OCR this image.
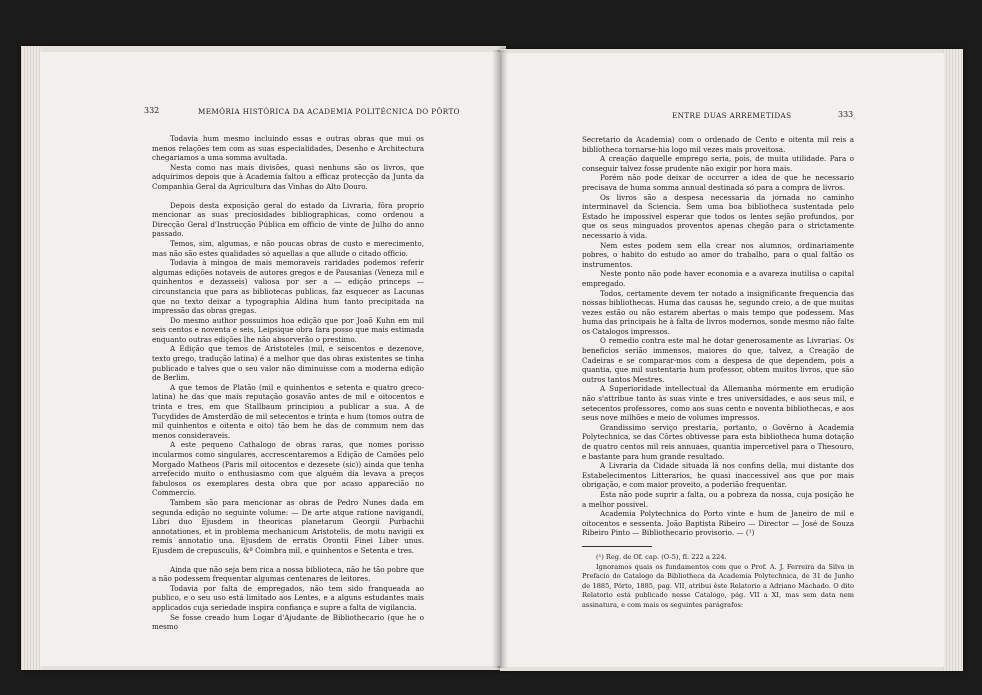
332	MEMÓRIA HISTÓRICA DA ACADEMIA POLITÉCNICA DO PÔRTO

Todavia hum mesmo incluindo essas e outras obras que mui os menos relações tem com as suas especialidades, Desenho e Architectura chegariamos a uma somma avultada.

Nesta como nas mais divisões, quasi nenhuns são os livros, que adquirimos depois que à Academia faltou a efficaz protecção da Junta da Companhia Geral da Agricultura das Vinhas do Alto Douro.

Depois desta exposição geral do estado da Livraria, fôra proprio mencionar as suas preciosidades bibliographicas, como ordenou a Direcção Geral d'Instrucção Pública em officio de vinte de Julho do anno passado.

Temos, sim, algumas, e não poucas obras de custo e merecimento, mas não são estes qualidades só aquellas a que allude o citado officio.

Todavia à mingoa de mais memoraveis raridades podemos referir algumas edições notaveis de autores gregos e de Pausanias (Veneza mil e quinhentos e dezasseis) valiosa por ser a — edição princeps — circunstancia que para as bibliotecas publicas, faz esquecer as Lacunas que no texto deixar a typographia Aldina hum tanto precipitada na impressão das obras gregas.

Do mesmo author possuimos hoa edição que por Joaõ Kuhn em mil seis centos e noventa e seis, Leipsique obra fara posso que mais estimada enquanto outras edições lhe não absorverão o prestimo.

A Edição que temos de Aristoteles (mil, e seiscentos e dezenove, texto grego, tradução latina) é a melhor que das obras existentes se tinha publicado e talves que o seu valor não diminuisse com a moderna edição de Berlim.

A que temos de Platão (mil e quinhentos e setenta e quatro greco-latina) he das que mais reputação gosavão antes de mil e oitocentos e trinta e tres, em que Stallbaum principiou a publicar a sua. A de Tucydides de Amsterdão de mil setecentos e trinta e hum (tomos outra de mil quinhentos e oitenta e oito) tão bem he das de commum nem das menos consideraveis.

A este pequeno Cathalogo de obras raras, que nomes porisso incularmos como singulares, accrescentaremos a Edição de Camões pelo Morgado Matheos (Paris mil oitocentos e dezesete (sic)) ainda que tenha arrefecido muito o enthusiasmo com que alguém dia levava a preços fabulosos os exemplares desta obra que por acaso apparecião no Commercio.

Tambem são para mencionar as obras de Pedro Nunes dada em segunda edição no seguinte volume: — De arte atque ratione navigandi, Libri duo Ejusdem in theoricas planetarum Georgii Purbachii annotationes, et in problema mechanicum Aristotelis, de motu navigii ex remis annotatio una. Ejusdem de erratis Orontii Finei Liber unus. Ejusdem de crepusculis, &ª Coimbra mil, e quinhentos e Setenta e tres.

Ainda que não seja bem rica a nossa biblioteca, não he tão pobre que a não podessem frequentar algumas centenares de leitores.

Todavia por falta de empregados, não tem sido franqueada ao publico, e o seu uso está limitado aos Lentes, e a alguns estudantes mais applicados cuja seriedade inspira confiança e supre a falta de vigilancia.

Se fosse creado hum Logar d'Ajudante de Bibliothecario (que he o mesmo

ENTRE DUAS ARREMETIDAS	333

Secretario da Academia) com o ordenado de Cento e oitenta mil reis a bibliotheca tornarse-hia logo mil vezes mais proveitosa.

A creação daquelle emprego seria, pois, de muita utilidade. Para o conseguir talvez fosse prudente não exigir por hora mais.

Porém não pode deixar de occurrer a idea de que he necessario precisava de huma somma annual destinada só para a compra de livros.

Os livros são a despesa necessaria da jornada no caminho interminavel da Sciencia. Sem uma boa bibliotheca sustentada pelo Estado he impossivel esperar que todos os lentes sejão profundos, por que os seus minguados proventos apenas chegão para o strictamente necessario à vida.

Nem estes podem sem ella crear nos alumnos, ordinariamente pobres, o habito do estudo ao amor do trabalho, para o qual faltão os instrumentos.

Neste ponto não pode haver economia e a avareza inutilisa o capital empregado.

Todos, certamente devem ter notado a insignificante frequencia das nossas bibliothecas. Huma das causas he, segundo creio, a de que muitas vezes estão ou não estarem abertas o mais tempo que podessem. Mas huma das principais he à falta de livros modernos, sonde mesmo não falte os Catalogos impressos.

O remedio contra este mal he dotar generosamente as Livrarias. Os beneficios serião immensos, maiores do que, talvez, a Creação de Cadeiras e se comparar-mos com a despesa de que dependem, pois a quantia, que mil sustentaria hum professor, obtem muitos livros, que são outros tantos Mestres.

A Superioridade intellectual da Allemanha mórmente em erudição não s'attribue tanto às suas vinte e tres universidades, e aos seus mil, e setecentos professores, como aos suas cento e noventa bibliothecas, e aos seus nove milhões e meio de volumes impressos.

Grandissimo serviço prestaria, portanto, o Govêrno à Academia Polytechnica, se das Côrtes obtivesse para esta bibliotheca huma dotação de quatro centos mil reis annuaes, quantia impercetivel para o Thesouro, e bastante para hum grande resultado.

A Livraria da Cidade situada là nos confins della, mui distante dos Estabelecimentos Litterarios, he quasi inaccessivel aos que por mais obrigação, e com maior proveito, a poderião frequentar.

Esta não pode suprir a falta, ou a pobreza da nossa, cuja posição he a melhor possivel.

Academia Polytechnica do Porto vinte e hum de Janeiro de mil e oitocentos e sessenta. João Baptista Ribeiro — Director — José de Souza Ribeiro Pinto — Bibliothecario provisorio. — (¹)

(¹) Reg. de Of. cap. (O-5), fl. 222 a 224.

Ignoramos quais os fundamentos com que o Prof. A. J. Ferreira da Silva in Prefacio do Catalogo da Bibliotheca da Academia Polytechnica, de 31 de Junho de 1885, Pôrto, 1885, pag. VII, atribui êste Relatorio a Adriano Machado. O dito Relatorio está publicado nesse Catalogo, pág. VII a XI, mas sem data nem assinatura, e com mais os seguintes parágrafos:
